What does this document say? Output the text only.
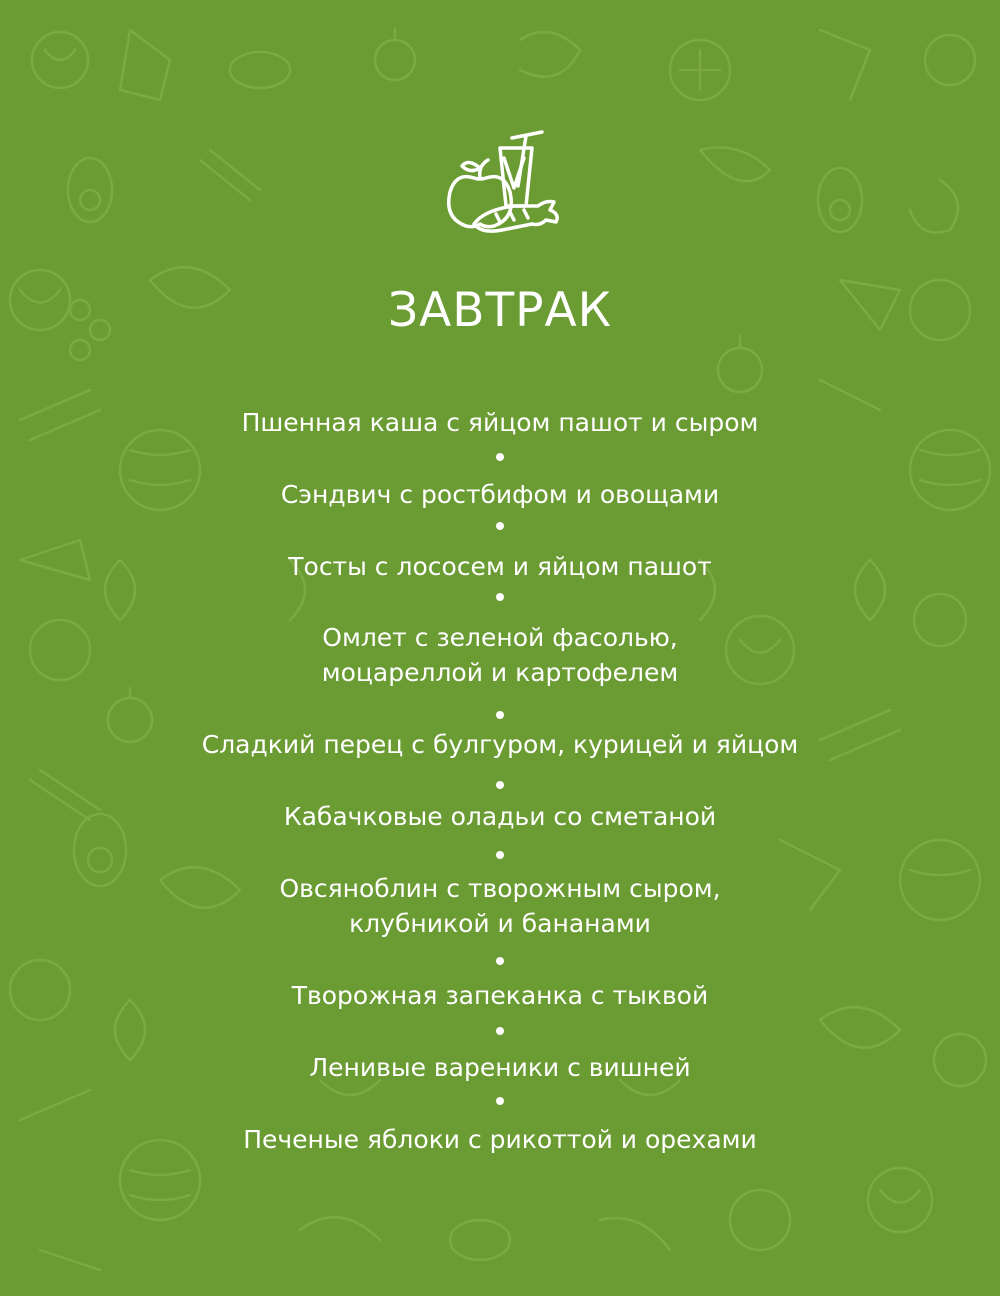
ЗАВТРАК
Пшенная каша с яйцом пашот и сыром
Сэндвич с ростбифом и овощами
Тосты с лососем и яйцом пашот
Омлет с зеленой фасолью,
моцареллой и картофелем
Сладкий перец с булгуром, курицей и яйцом
Кабачковые оладьи со сметаной
Овсяноблин с творожным сыром,
клубникой и бананами
Творожная запеканка с тыквой
Ленивые вареники с вишней
Печеные яблоки с рикоттой и орехами
